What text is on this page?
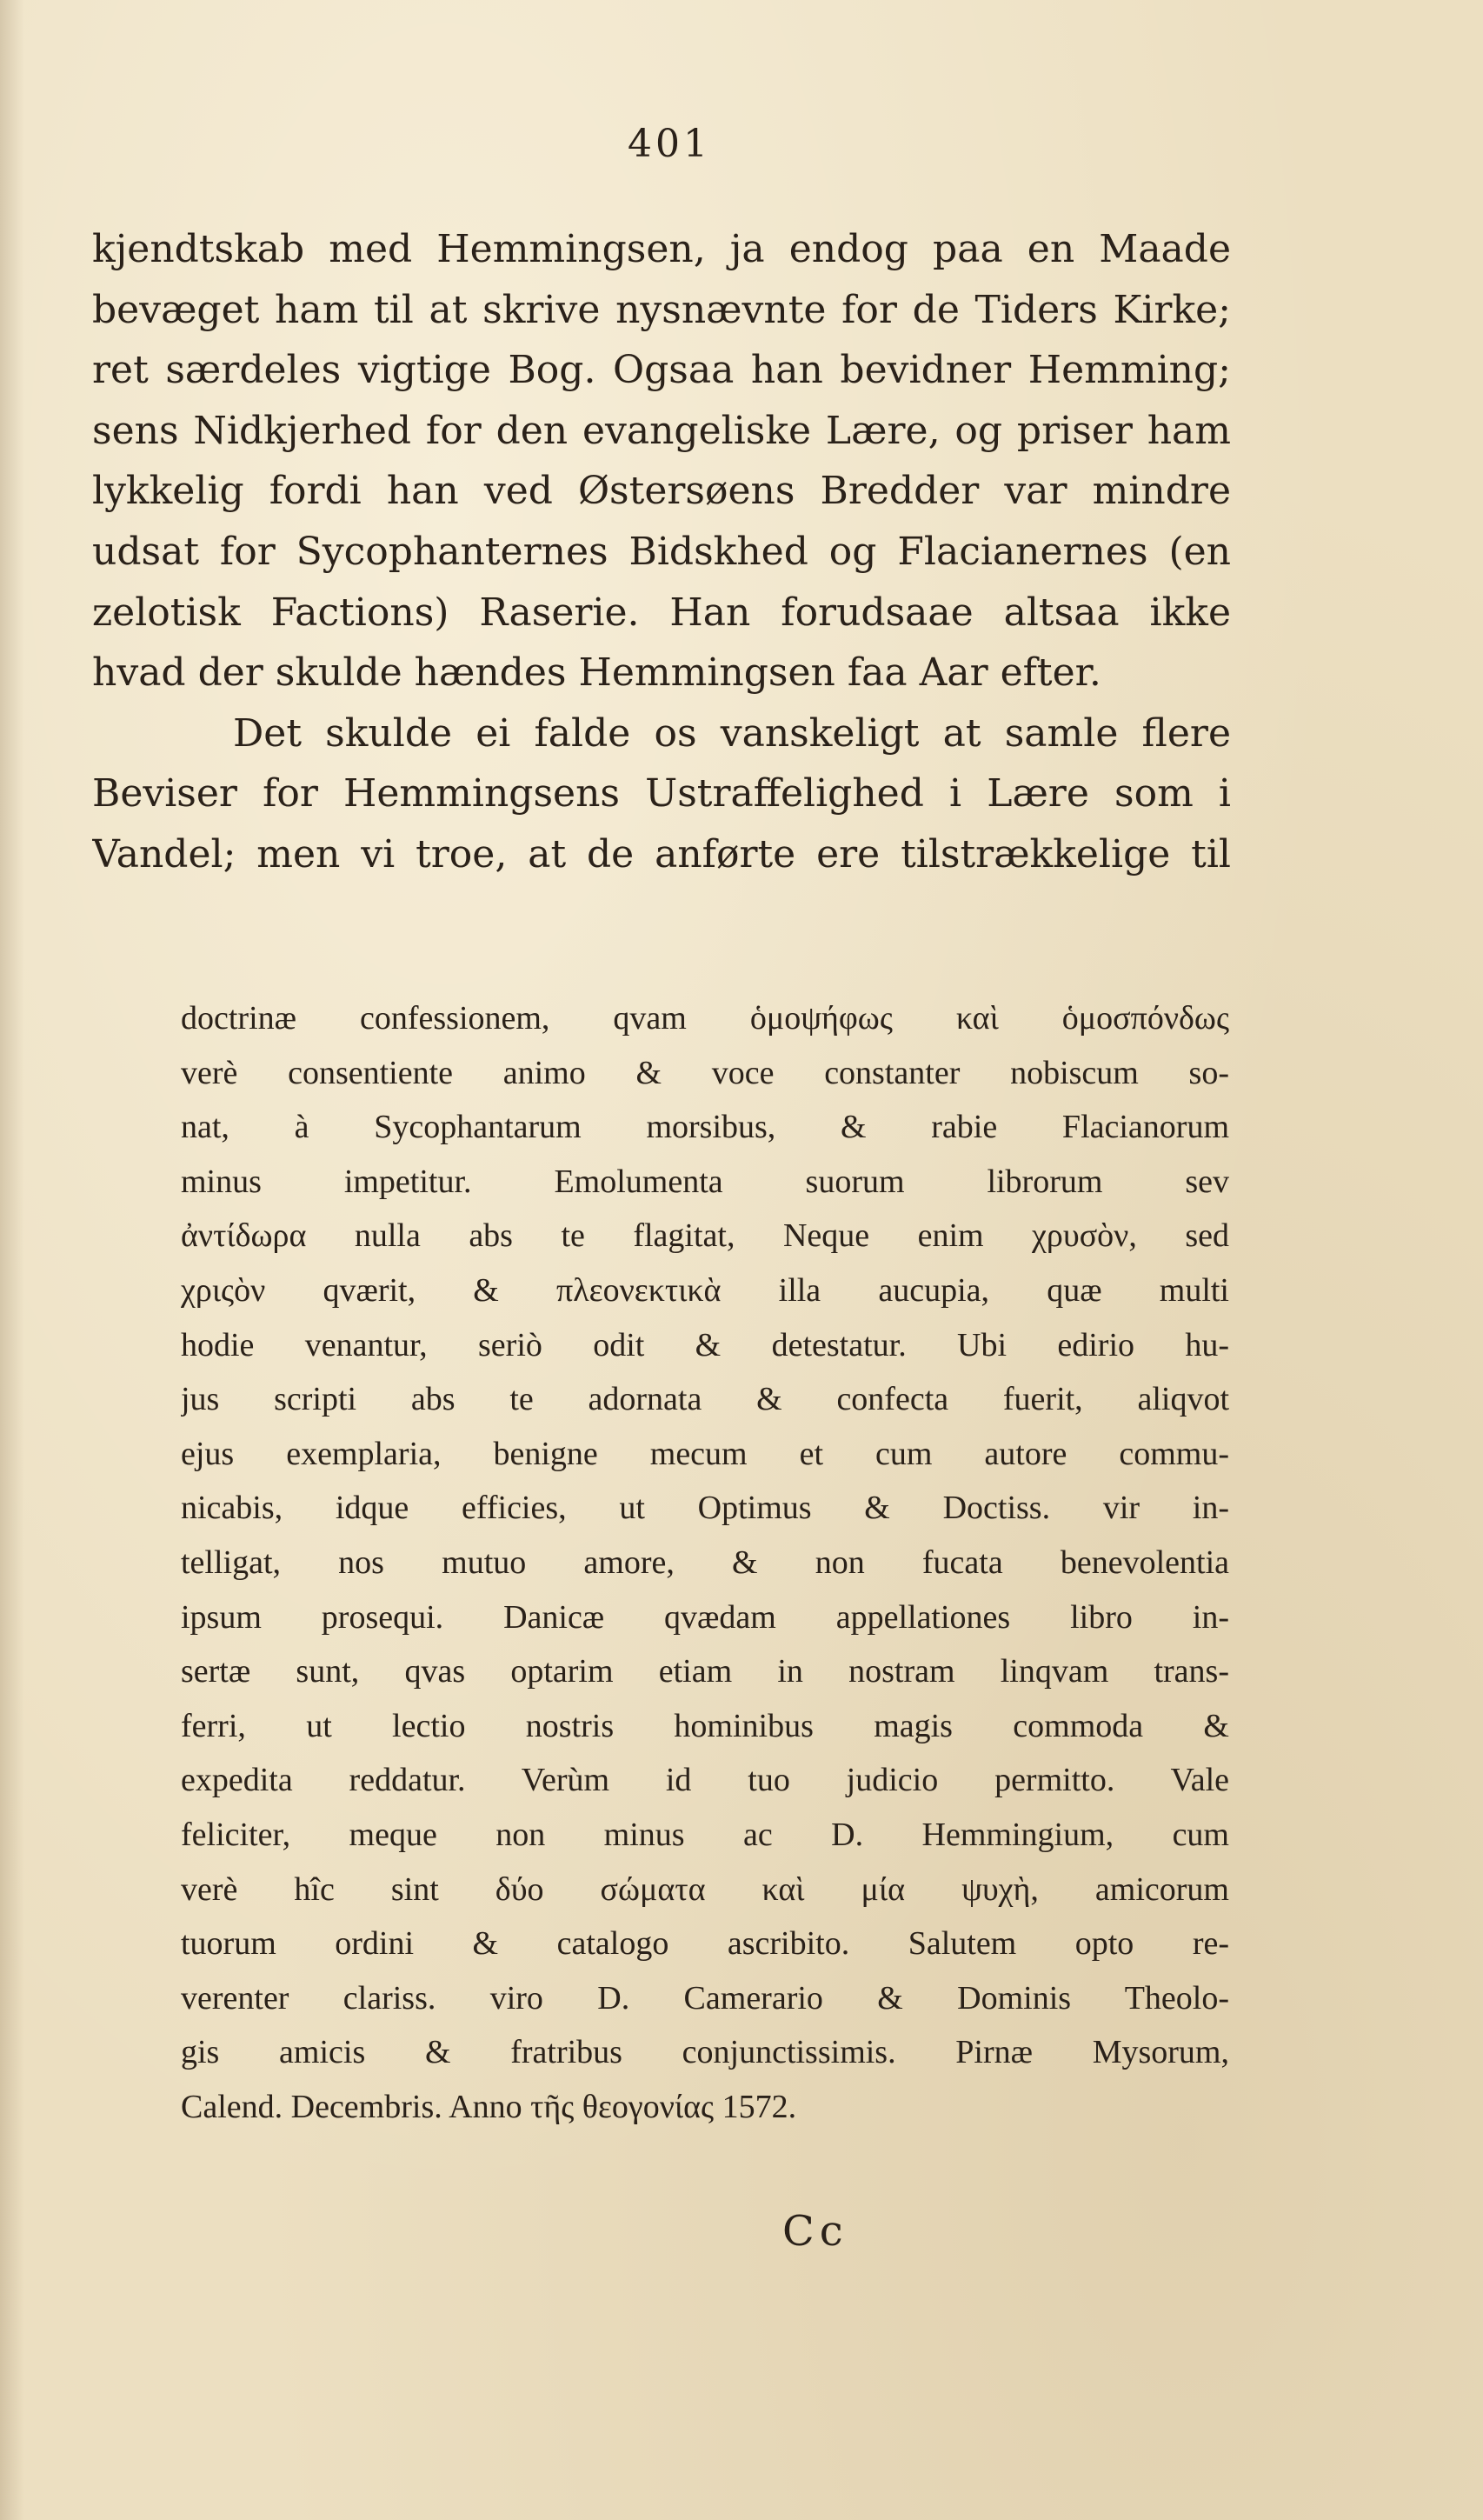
401
kjendtskab med Hemmingsen, ja endog paa en Maade
bevæget ham til at skrive nysnævnte for de Tiders Kirke;
ret særdeles vigtige Bog. Ogsaa han bevidner Hemming;
sens Nidkjerhed for den evangeliske Lære, og priser ham
lykkelig fordi han ved Østersøens Bredder var mindre
udsat for Sycophanternes Bidskhed og Flacianernes (en
zelotisk Factions) Raserie. Han forudsaae altsaa ikke
hvad der skulde hændes Hemmingsen faa Aar efter.
Det skulde ei falde os vanskeligt at samle flere
Beviser for Hemmingsens Ustraffelighed i Lære som i
Vandel; men vi troe, at de anførte ere tilstrækkelige til
doctrinæ confessionem, qvam ὁμοψήφως καὶ ὁμοσπόνδως
verè consentiente animo & voce constanter nobiscum so-
nat, à Sycophantarum morsibus, & rabie Flacianorum
minus impetitur. Emolumenta suorum librorum sev
ἀντίδωρα nulla abs te flagitat, Neque enim χρυσὸν, sed
χριςὸν qværit, & πλεονεκτικὰ illa aucupia, quæ multi
hodie venantur, seriò odit & detestatur. Ubi edirio hu-
jus scripti abs te adornata & confecta fuerit, aliqvot
ejus exemplaria, benigne mecum et cum autore commu-
nicabis, idque efficies, ut Optimus & Doctiss. vir in-
telligat, nos mutuo amore, & non fucata benevolentia
ipsum prosequi. Danicæ qvædam appellationes libro in-
sertæ sunt, qvas optarim etiam in nostram linqvam trans-
ferri, ut lectio nostris hominibus magis commoda &
expedita reddatur. Verùm id tuo judicio permitto. Vale
feliciter, meque non minus ac D. Hemmingium, cum
verè hîc sint δύο σώματα καὶ μία ψυχὴ, amicorum
tuorum ordini & catalogo ascribito. Salutem opto re-
verenter clariss. viro D. Camerario & Dominis Theolo-
gis amicis & fratribus conjunctissimis. Pirnæ Mysorum,
Calend. Decembris. Anno τῆς θεογονίας 1572.
Cc
